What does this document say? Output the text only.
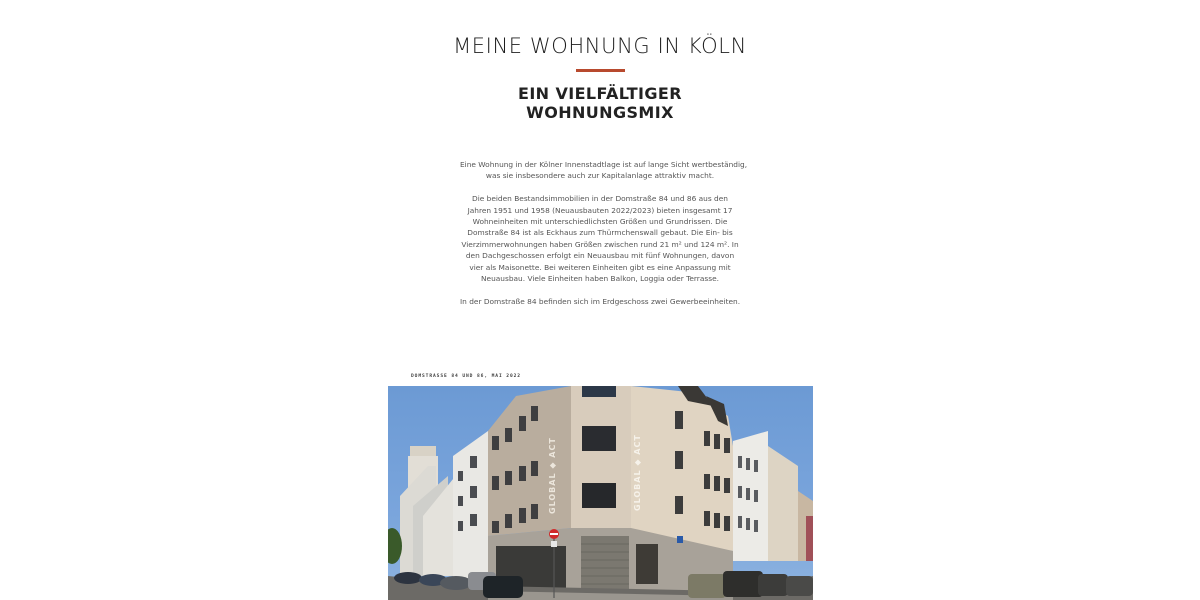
MEINE WOHNUNG IN KÖLN
EIN VIELFÄLTIGER
WOHNUNGSMIX

Eine Wohnung in der Kölner Innenstadtlage ist auf lange Sicht wertbeständig,
was sie insbesondere auch zur Kapitalanlage attraktiv macht.

Die beiden Bestandsimmobilien in der Domstraße 84 und 86 aus den
Jahren 1951 und 1958 (Neuausbauten 2022/2023) bieten insgesamt 17
Wohneinheiten mit unterschiedlichsten Größen und Grundrissen. Die
Domstraße 84 ist als Eckhaus zum Thürmchenswall gebaut. Die Ein- bis
Vierzimmerwohnungen haben Größen zwischen rund 21 m² und 124 m². In
den Dachgeschossen erfolgt ein Neuausbau mit fünf Wohnungen, davon
vier als Maisonette. Bei weiteren Einheiten gibt es eine Anpassung mit
Neuausbau. Viele Einheiten haben Balkon, Loggia oder Terrasse.

In der Domstraße 84 befinden sich im Erdgeschoss zwei Gewerbeeinheiten.

DOMSTRASSE 84 UND 86, MAI 2022
GLOBAL ◆ ACT	GLOBAL ◆ ACT
